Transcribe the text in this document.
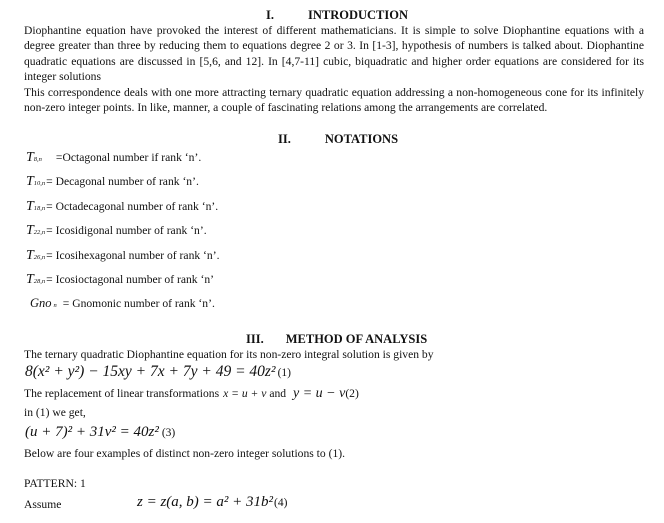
I.	INTRODUCTION
Diophantine equation have provoked the interest of different mathematicians. It is simple to solve Diophantine equations with a
degree greater than three by reducing them to equations degree 2 or 3. In [1-3], hypothesis of numbers is talked about. Diophantine
quadratic equations are discussed in [5,6, and 12]. In [4,7-11] cubic, biquadratic and higher order equations are considered for its
integer solutions
This correspondence deals with one more attracting ternary quadratic equation addressing a non-homogeneous cone for its infinitely
non-zero integer points. In like, manner, a couple of fascinating relations among the arrangements are correlated.
II.	NOTATIONS
T 8,n =Octagonal number if rank ‘n’.
T 10,n = Decagonal number of rank ‘n’.
T 18,n = Octadecagonal number of rank ‘n’.
T 22,n = Icosidigonal number of rank ‘n’.
T 26,n = Icosihexagonal number of rank ‘n’.
T 28,n = Icosioctagonal number of rank ‘n’
Gno n = Gnomonic number of rank ‘n’.
III. METHOD OF ANALYSIS
The ternary quadratic Diophantine equation for its non-zero integral solution is given by
8(x² + y²) − 15xy + 7x + 7y + 49 = 40z² (1)
The replacement of linear transformations x = u + v and y = u − v (2)
in (1) we get,
(u + 7)² + 31v² = 40z² (3)
Below are four examples of distinct non-zero integer solutions to (1).
PATTERN: 1
Assume	z = z(a, b) = a² + 31b²(4)
